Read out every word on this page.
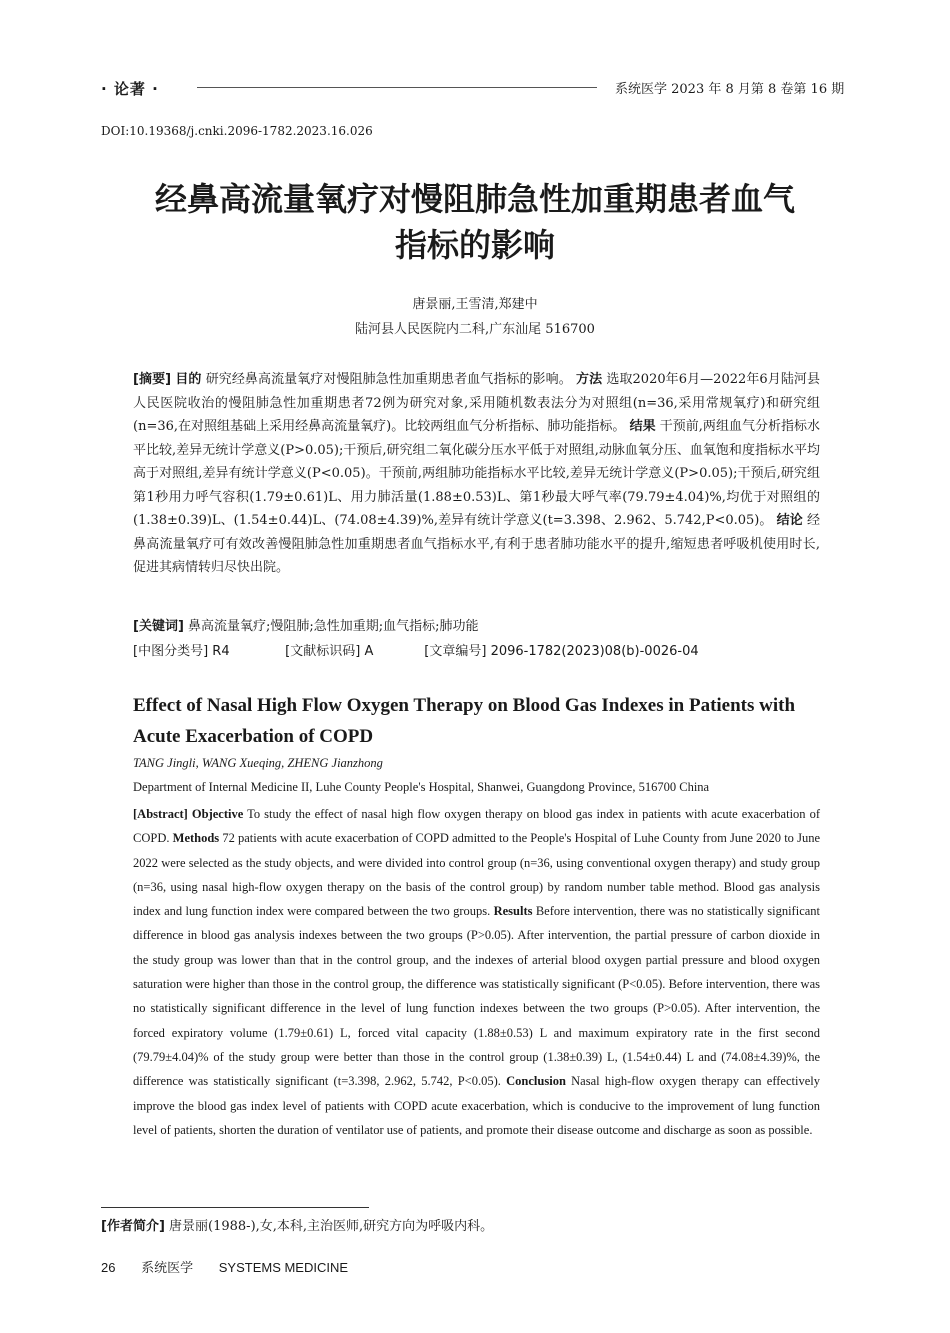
· 论著 ·	系统医学 2023 年 8 月第 8 卷第 16 期
DOI:10.19368/j.cnki.2096-1782.2023.16.026
经鼻高流量氧疗对慢阻肺急性加重期患者血气
指标的影响
唐景丽,王雪清,郑建中
陆河县人民医院内二科,广东汕尾 516700
[摘要] 目的 研究经鼻高流量氧疗对慢阻肺急性加重期患者血气指标的影响。 方法 选取2020年6月—2022年6月陆河县人民医院收治的慢阻肺急性加重期患者72例为研究对象,采用随机数表法分为对照组(n=36,采用常规氧疗)和研究组(n=36,在对照组基础上采用经鼻高流量氧疗)。比较两组血气分析指标、肺功能指标。 结果 干预前,两组血气分析指标水平比较,差异无统计学意义(P>0.05);干预后,研究组二氧化碳分压水平低于对照组,动脉血氧分压、血氧饱和度指标水平均高于对照组,差异有统计学意义(P<0.05)。干预前,两组肺功能指标水平比较,差异无统计学意义(P>0.05);干预后,研究组第1秒用力呼气容积(1.79±0.61)L、用力肺活量(1.88±0.53)L、第1秒最大呼气率(79.79±4.04)%,均优于对照组的(1.38±0.39)L、(1.54±0.44)L、(74.08±4.39)%,差异有统计学意义(t=3.398、2.962、5.742,P<0.05)。 结论 经鼻高流量氧疗可有效改善慢阻肺急性加重期患者血气指标水平,有利于患者肺功能水平的提升,缩短患者呼吸机使用时长,促进其病情转归尽快出院。
[关键词] 鼻高流量氧疗;慢阻肺;急性加重期;血气指标;肺功能
[中图分类号] R4	[文献标识码] A	[文章编号] 2096-1782(2023)08(b)-0026-04
Effect of Nasal High Flow Oxygen Therapy on Blood Gas Indexes in Patients with Acute Exacerbation of COPD
TANG Jingli, WANG Xueqing, ZHENG Jianzhong
Department of Internal Medicine II, Luhe County People's Hospital, Shanwei, Guangdong Province, 516700 China
[Abstract] Objective To study the effect of nasal high flow oxygen therapy on blood gas index in patients with acute exacerbation of COPD. Methods 72 patients with acute exacerbation of COPD admitted to the People's Hospital of Luhe County from June 2020 to June 2022 were selected as the study objects, and were divided into control group (n=36, using conventional oxygen therapy) and study group (n=36, using nasal high-flow oxygen therapy on the basis of the control group) by random number table method. Blood gas analysis index and lung function index were compared between the two groups. Results Before intervention, there was no statistically significant difference in blood gas analysis indexes between the two groups (P>0.05). After intervention, the partial pressure of carbon dioxide in the study group was lower than that in the control group, and the indexes of arterial blood oxygen partial pressure and blood oxygen saturation were higher than those in the control group, the difference was statistically significant (P<0.05). Before intervention, there was no statistically significant difference in the level of lung function indexes between the two groups (P>0.05). After intervention, the forced expiratory volume (1.79±0.61) L, forced vital capacity (1.88±0.53) L and maximum expiratory rate in the first second (79.79±4.04)% of the study group were better than those in the control group (1.38±0.39) L, (1.54±0.44) L and (74.08±4.39)%, the difference was statistically significant (t=3.398, 2.962, 5.742, P<0.05). Conclusion Nasal high-flow oxygen therapy can effectively improve the blood gas index level of patients with COPD acute exacerbation, which is conducive to the improvement of lung function level of patients, shorten the duration of ventilator use of patients, and promote their disease outcome and discharge as soon as possible.
[作者简介] 唐景丽(1988-),女,本科,主治医师,研究方向为呼吸内科。
26 系统医学 SYSTEMS MEDICINE
